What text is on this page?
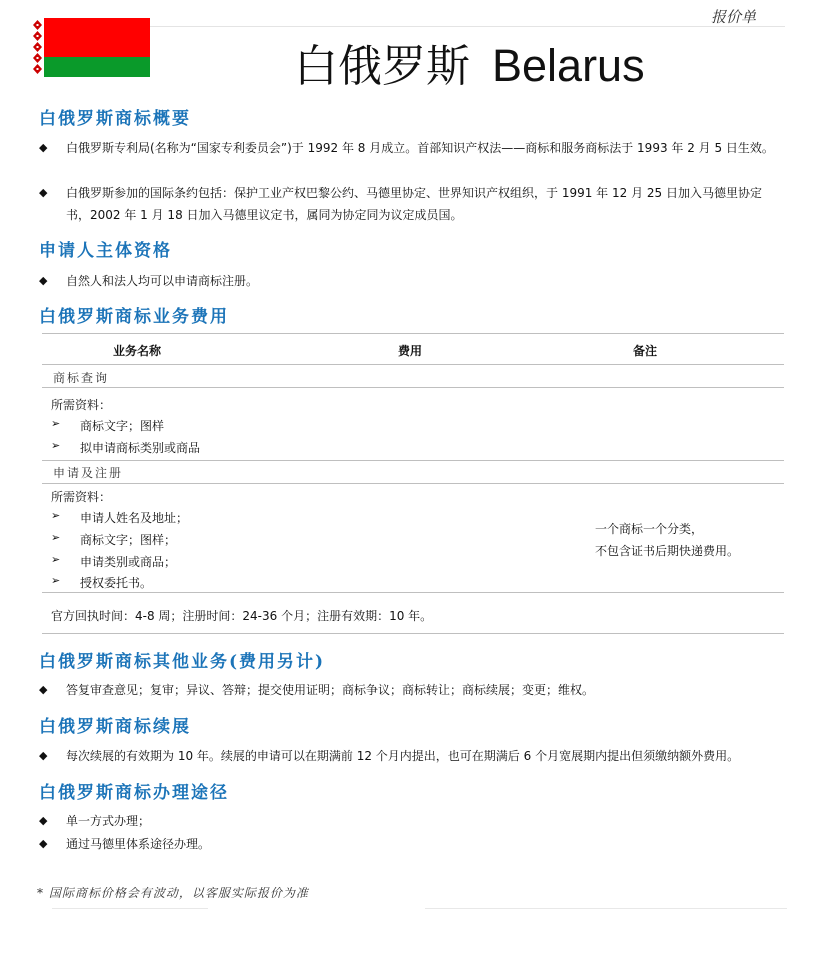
报价单
白俄罗斯 Belarus
白俄罗斯商标概要
◆ 白俄罗斯专利局(名称为“国家专利委员会”)于 1992 年 8 月成立。首部知识产权法——商标和服务商标法于 1993 年 2 月 5 日生效。
◆ 白俄罗斯参加的国际条约包括：保护工业产权巴黎公约、马德里协定、世界知识产权组织，于 1991 年 12 月 25 日加入马德里协定书，2002 年 1 月 18 日加入马德里议定书，属同为协定同为议定成员国。
申请人主体资格
◆ 自然人和法人均可以申请商标注册。
白俄罗斯商标业务费用
业务名称	费用	备注
商标查询
所需资料：
➢ 商标文字；图样
➢ 拟申请商标类别或商品
申请及注册
所需资料：
➢ 申请人姓名及地址；
➢ 商标文字；图样；
➢ 申请类别或商品；
➢ 授权委托书。
一个商标一个分类，
不包含证书后期快递费用。
官方回执时间：4-8 周；注册时间：24-36 个月；注册有效期：10 年。
白俄罗斯商标其他业务(费用另计)
◆ 答复审查意见；复审；异议、答辩；提交使用证明；商标争议；商标转让；商标续展；变更；维权。
白俄罗斯商标续展
◆ 每次续展的有效期为 10 年。续展的申请可以在期满前 12 个月内提出，也可在期满后 6 个月宽展期内提出但须缴纳额外费用。
白俄罗斯商标办理途径
◆ 单一方式办理；
◆ 通过马德里体系途径办理。
* 国际商标价格会有波动，以客服实际报价为准
